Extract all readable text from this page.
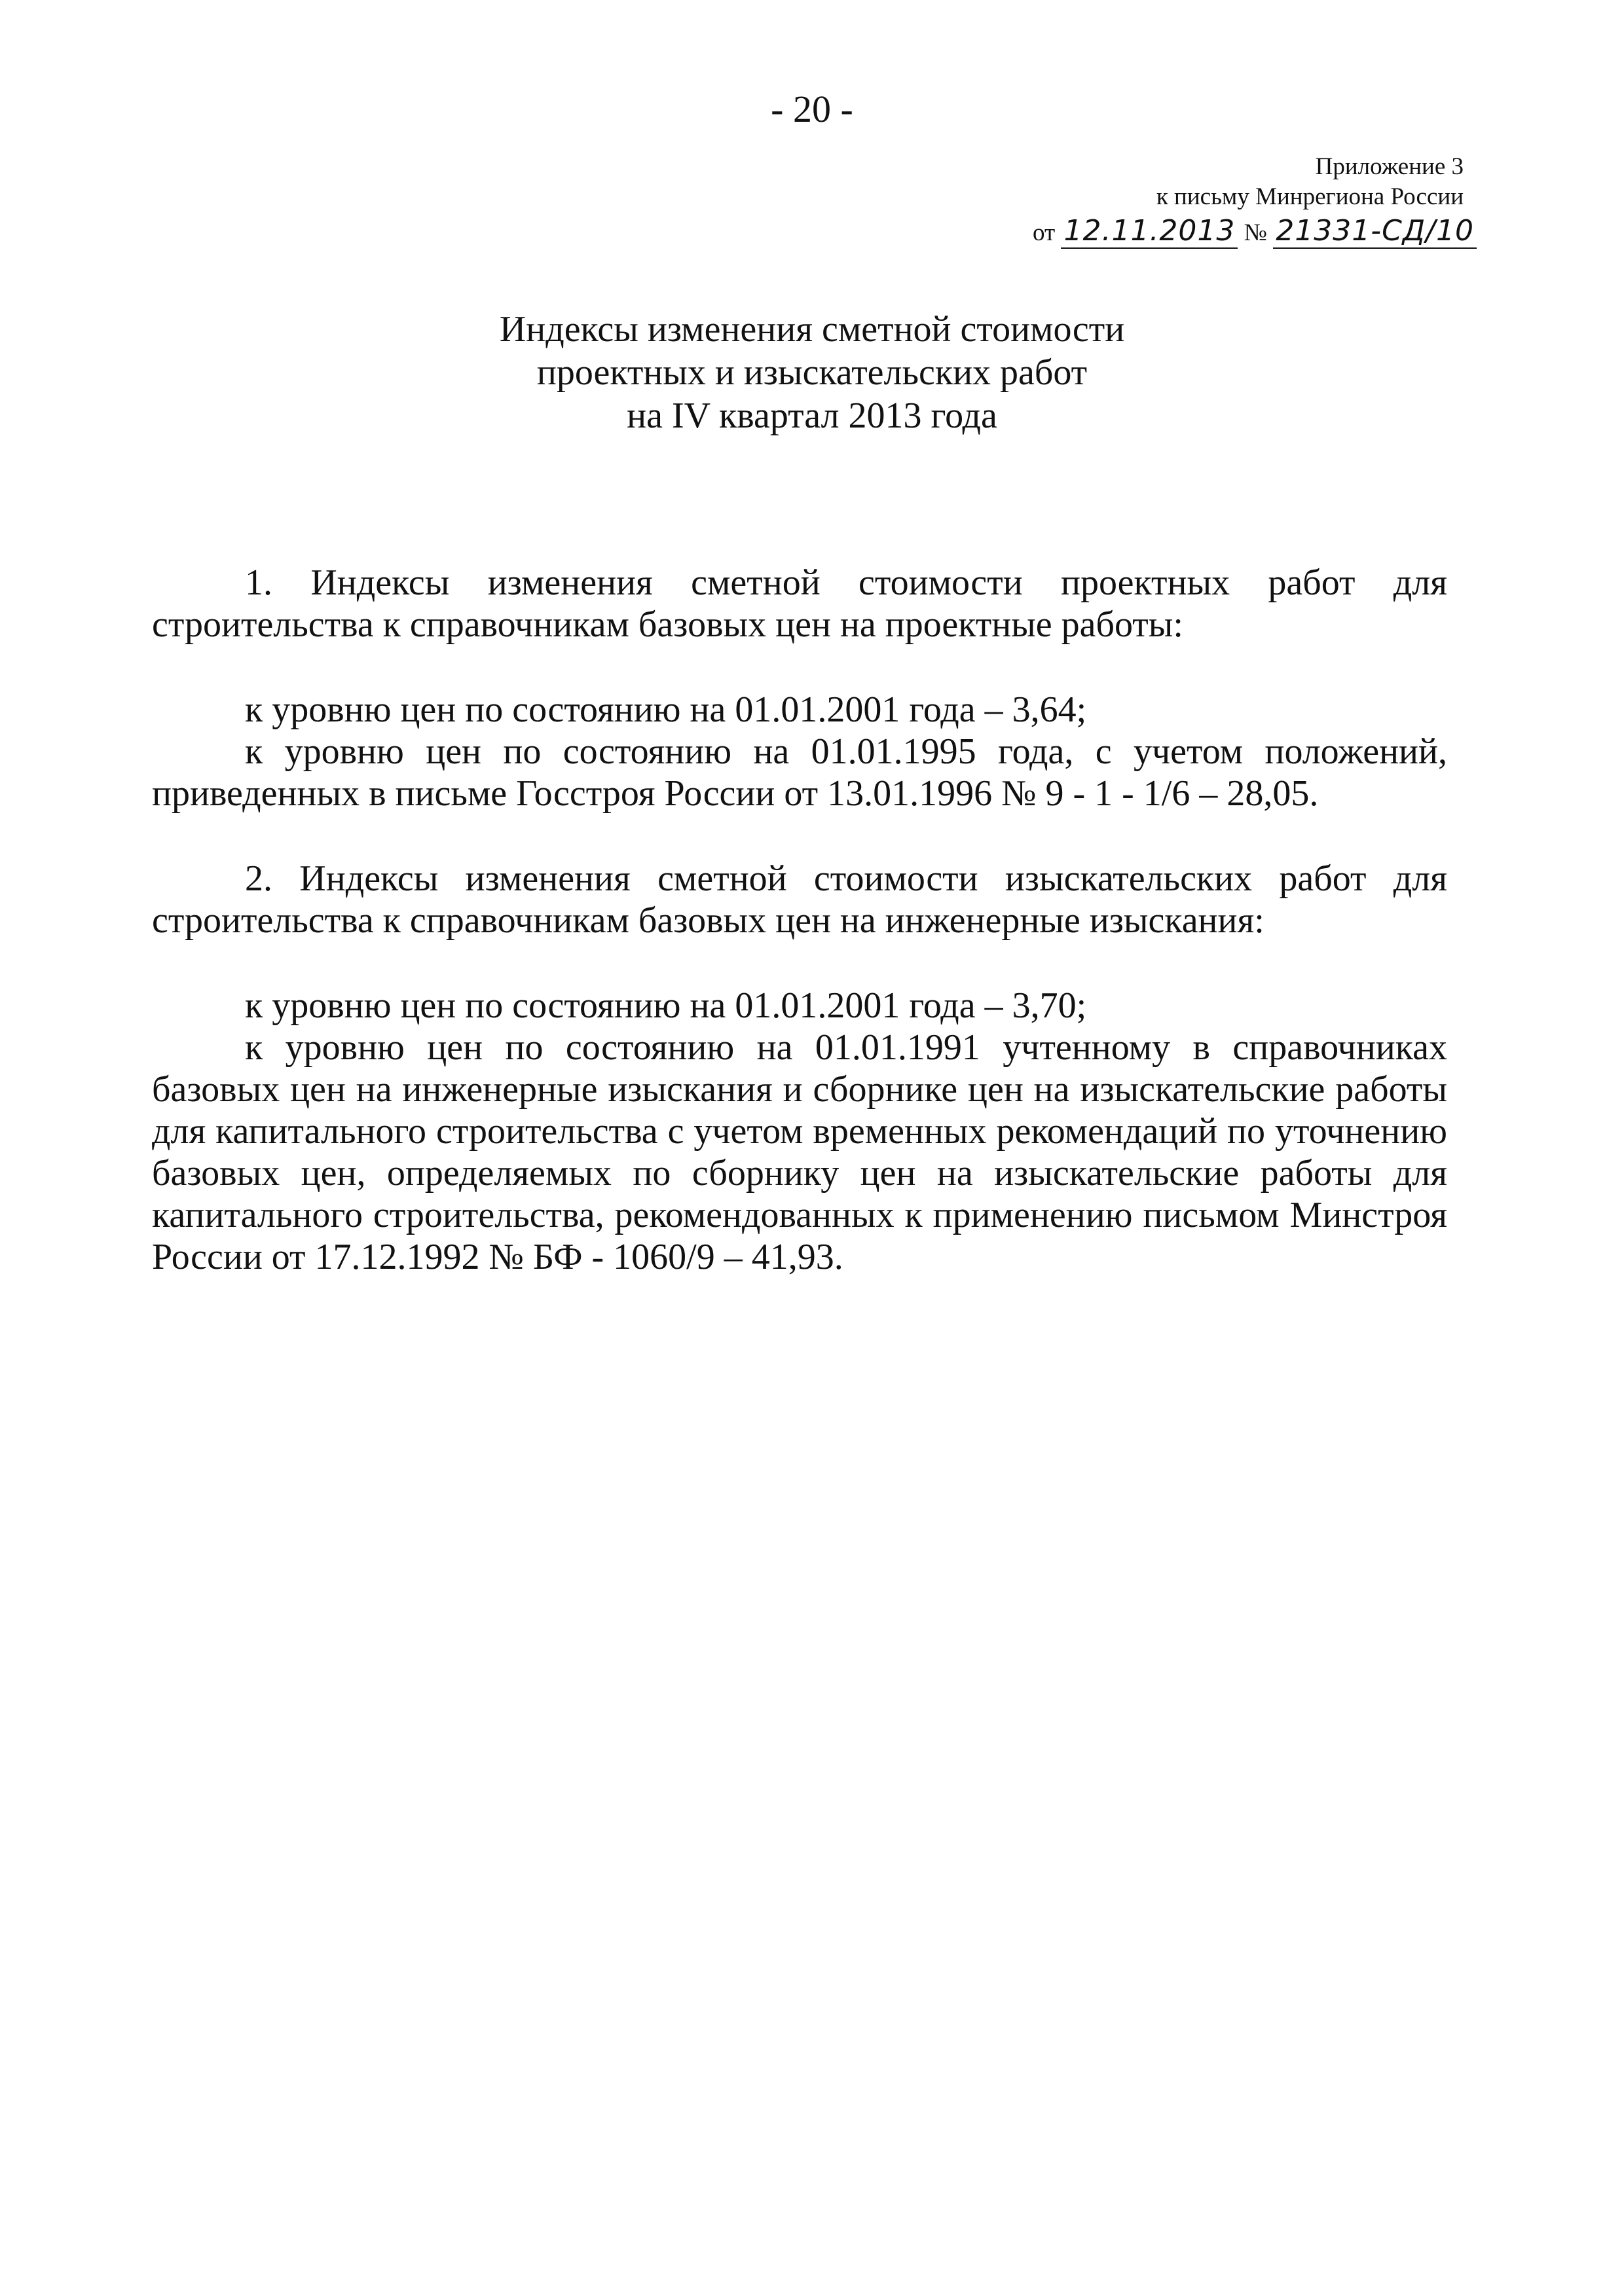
- 20 -
Приложение 3
к письму Минрегиона России
от 12.11.2013 № 21331-СД/10
Индексы изменения сметной стоимости
проектных и изыскательских работ
на IV квартал 2013 года

1. Индексы изменения сметной стоимости проектных работ для строительства к справочникам базовых цен на проектные работы:

к уровню цен по состоянию на 01.01.2001 года – 3,64;

к уровню цен по состоянию на 01.01.1995 года, с учетом положений, приведенных в письме Госстроя России от 13.01.1996 № 9 - 1 - 1/6 – 28,05.

2. Индексы изменения сметной стоимости изыскательских работ для строительства к справочникам базовых цен на инженерные изыскания:

к уровню цен по состоянию на 01.01.2001 года – 3,70;

к уровню цен по состоянию на 01.01.1991 учтенному в справочниках базовых цен на инженерные изыскания и сборнике цен на изыскательские работы для капитального строительства с учетом временных рекомендаций по уточнению базовых цен, определяемых по сборнику цен на изыскательские работы для капитального строительства, рекомендованных к применению письмом Минстроя России от 17.12.1992 № БФ - 1060/9 – 41,93.
